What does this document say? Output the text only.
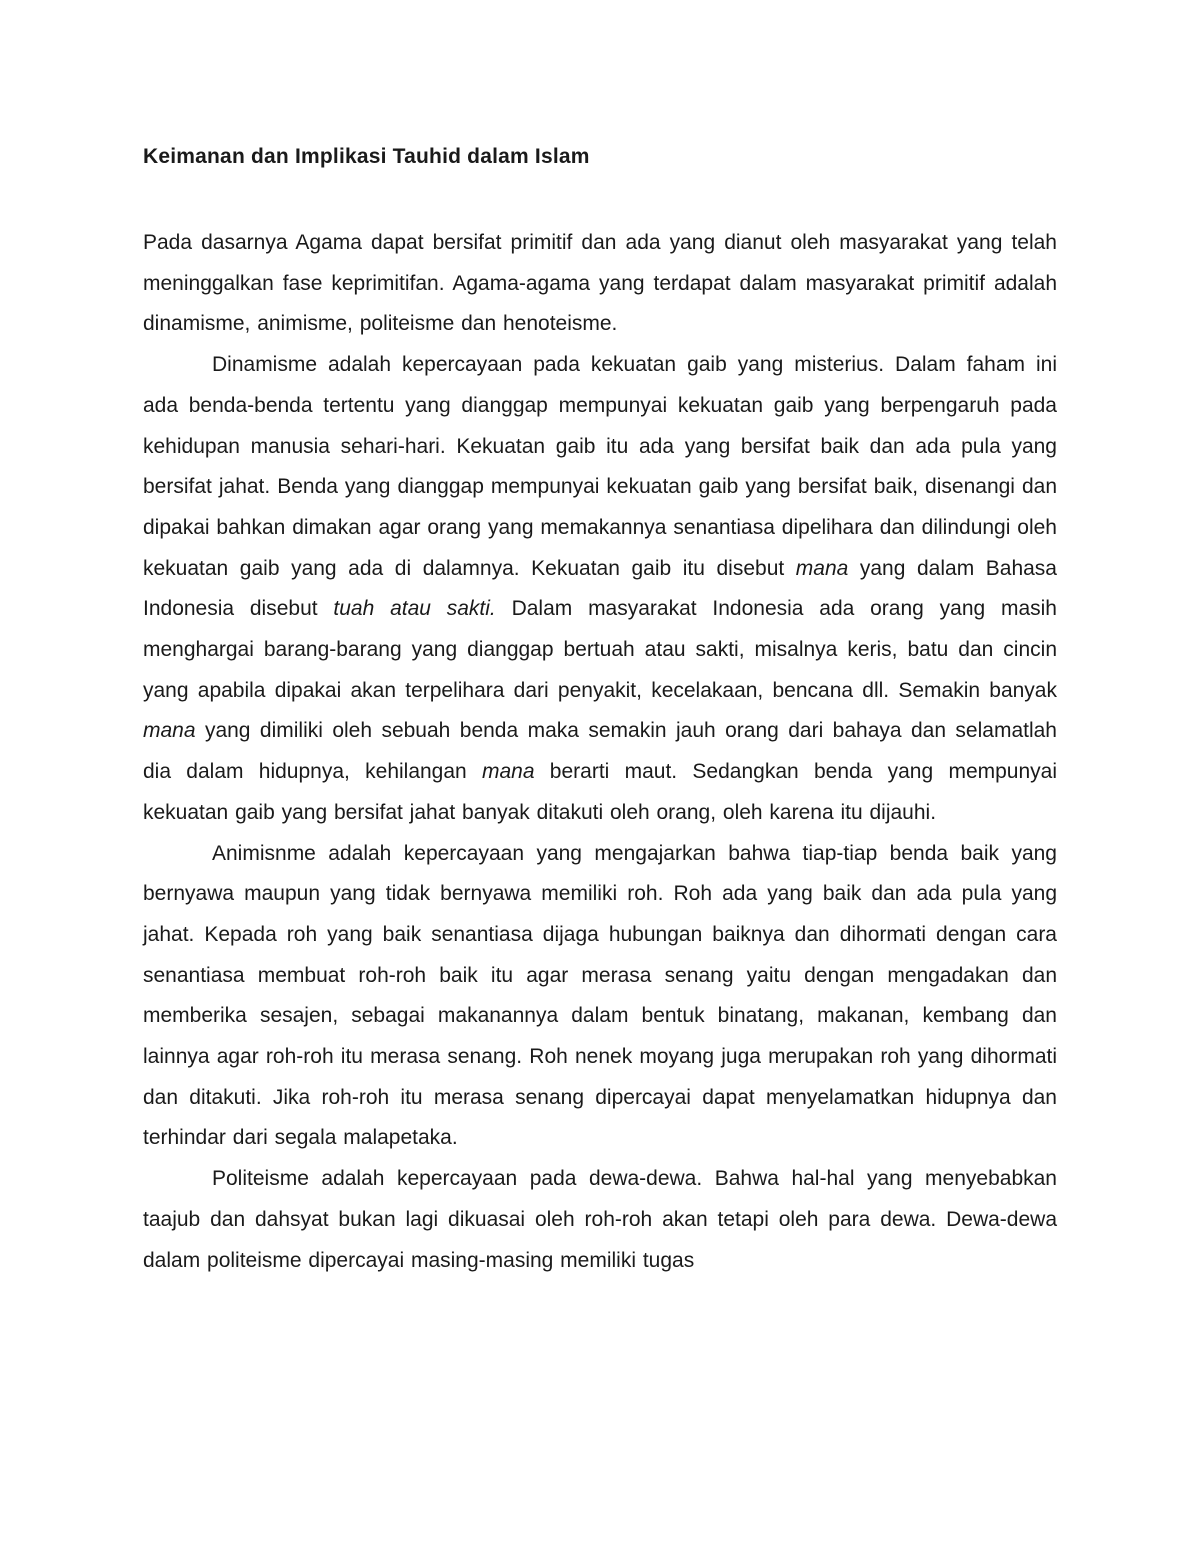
Keimanan dan Implikasi Tauhid dalam Islam

Pada dasarnya Agama dapat bersifat primitif dan ada yang dianut oleh masyarakat yang telah meninggalkan fase keprimitifan. Agama-agama yang terdapat dalam masyarakat primitif adalah dinamisme, animisme, politeisme dan henoteisme.

Dinamisme adalah kepercayaan pada kekuatan gaib yang misterius. Dalam faham ini ada benda-benda tertentu yang dianggap mempunyai kekuatan gaib yang berpengaruh pada kehidupan manusia sehari-hari. Kekuatan gaib itu ada yang bersifat baik dan ada pula yang bersifat jahat. Benda yang dianggap mempunyai kekuatan gaib yang bersifat baik, disenangi dan dipakai bahkan dimakan agar orang yang memakannya senantiasa dipelihara dan dilindungi oleh kekuatan gaib yang ada di dalamnya. Kekuatan gaib itu disebut mana yang dalam Bahasa Indonesia disebut tuah atau sakti. Dalam masyarakat Indonesia ada orang yang masih menghargai barang-barang yang dianggap bertuah atau sakti, misalnya keris, batu dan cincin yang apabila dipakai akan terpelihara dari penyakit, kecelakaan, bencana dll. Semakin banyak mana yang dimiliki oleh sebuah benda maka semakin jauh orang dari bahaya dan selamatlah dia dalam hidupnya, kehilangan mana berarti maut. Sedangkan benda yang mempunyai kekuatan gaib yang bersifat jahat banyak ditakuti oleh orang, oleh karena itu dijauhi.

Animisnme adalah kepercayaan yang mengajarkan bahwa tiap-tiap benda baik yang bernyawa maupun yang tidak bernyawa memiliki roh. Roh ada yang baik dan ada pula yang jahat. Kepada roh yang baik senantiasa dijaga hubungan baiknya dan dihormati dengan cara senantiasa membuat roh-roh baik itu agar merasa senang yaitu dengan mengadakan dan memberika sesajen, sebagai makanannya dalam bentuk binatang, makanan, kembang dan lainnya agar roh-roh itu merasa senang. Roh nenek moyang juga merupakan roh yang dihormati dan ditakuti. Jika roh-roh itu merasa senang dipercayai dapat menyelamatkan hidupnya dan terhindar dari segala malapetaka.

Politeisme adalah kepercayaan pada dewa-dewa. Bahwa hal-hal yang menyebabkan taajub dan dahsyat bukan lagi dikuasai oleh roh-roh akan tetapi oleh para dewa. Dewa-dewa dalam politeisme dipercayai masing-masing memiliki tugas
